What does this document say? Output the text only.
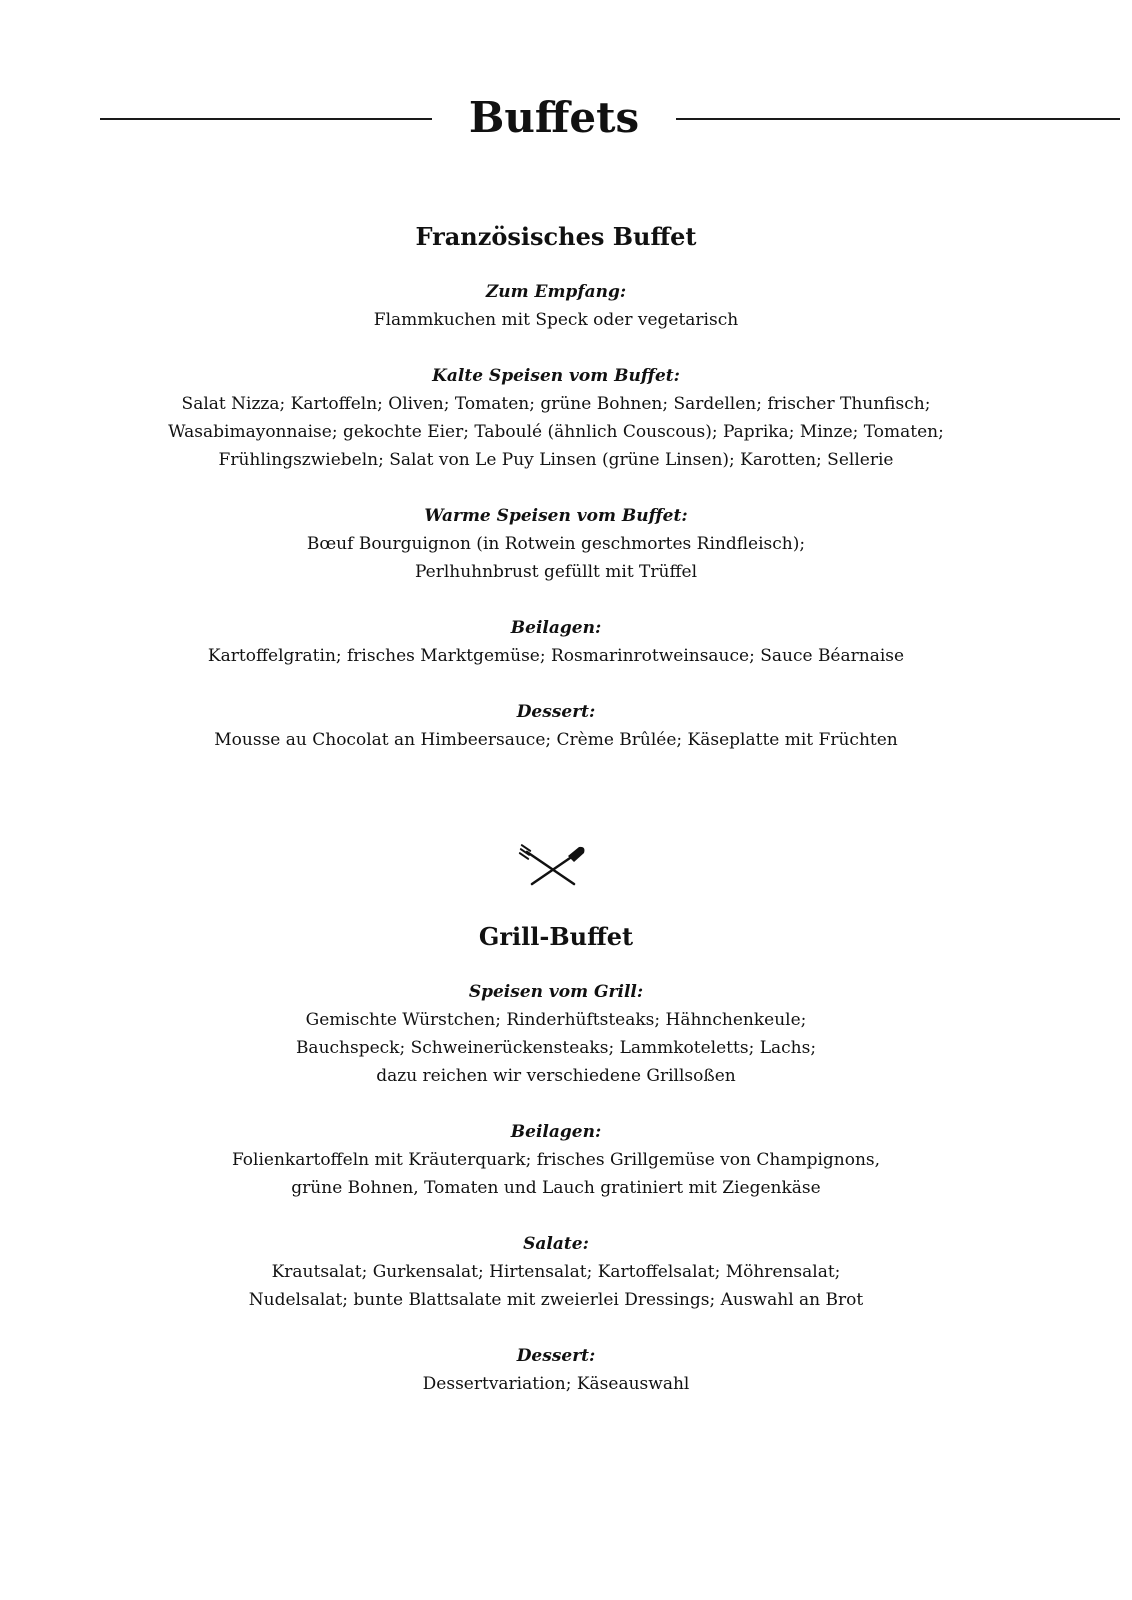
Buffets
Französisches Buffet
Zum Empfang:
Flammkuchen mit Speck oder vegetarisch
Kalte Speisen vom Buffet:
Salat Nizza; Kartoffeln; Oliven; Tomaten; grüne Bohnen; Sardellen; frischer Thunfisch;
Wasabimayonnaise; gekochte Eier; Taboulé (ähnlich Couscous); Paprika; Minze; Tomaten;
Frühlingszwiebeln; Salat von Le Puy Linsen (grüne Linsen); Karotten; Sellerie
Warme Speisen vom Buffet:
Bœuf Bourguignon (in Rotwein geschmortes Rindfleisch);
Perlhuhnbrust gefüllt mit Trüffel
Beilagen:
Kartoffelgratin; frisches Marktgemüse; Rosmarinrotweinsauce; Sauce Béarnaise
Dessert:
Mousse au Chocolat an Himbeersauce; Crème Brûlée; Käseplatte mit Früchten
Grill-Buffet
Speisen vom Grill:
Gemischte Würstchen; Rinderhüftsteaks; Hähnchenkeule;
Bauchspeck; Schweinerückensteaks; Lammkoteletts; Lachs;
dazu reichen wir verschiedene Grillsoßen
Beilagen:
Folienkartoffeln mit Kräuterquark; frisches Grillgemüse von Champignons,
grüne Bohnen, Tomaten und Lauch gratiniert mit Ziegenkäse
Salate:
Krautsalat; Gurkensalat; Hirtensalat; Kartoffelsalat; Möhrensalat;
Nudelsalat; bunte Blattsalate mit zweierlei Dressings; Auswahl an Brot
Dessert:
Dessertvariation; Käseauswahl
